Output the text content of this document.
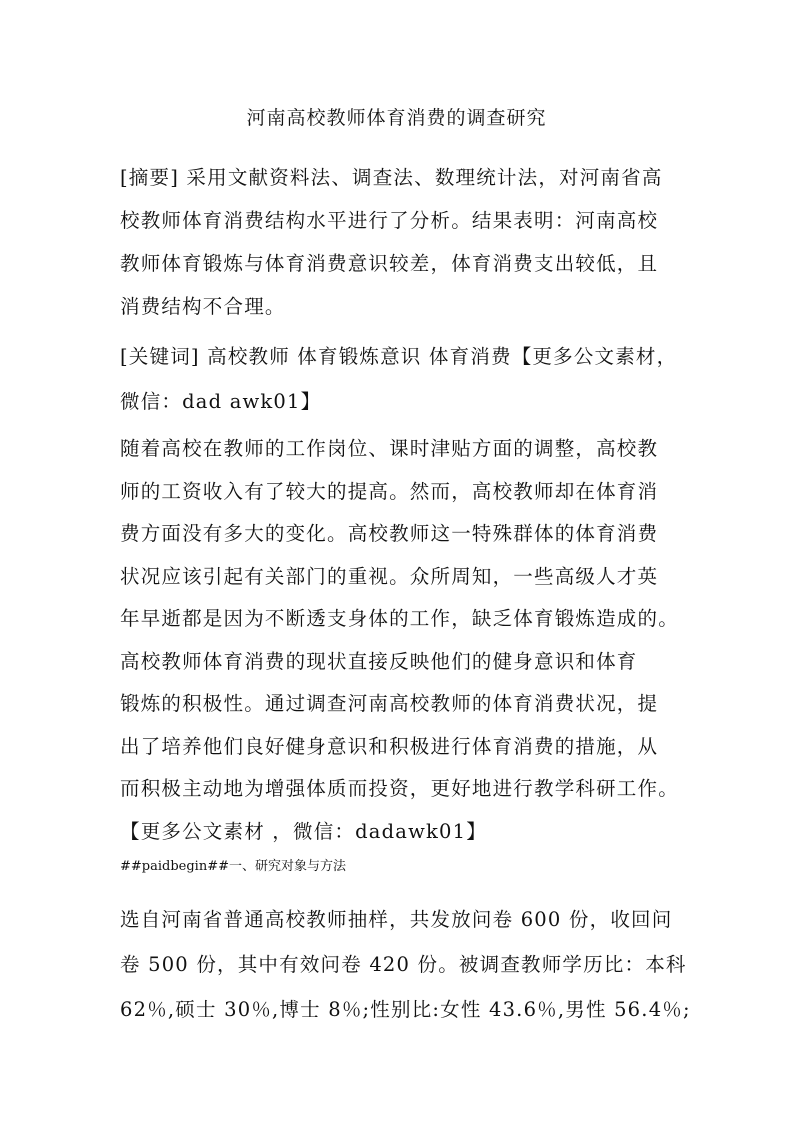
河南高校教师体育消费的调查研究
[摘要] 采用文献资料法、调查法、数理统计法，对河南省高
校教师体育消费结构水平进行了分析。结果表明：河南高校
教师体育锻炼与体育消费意识较差，体育消费支出较低，且
消费结构不合理。
[关键词] 高校教师 体育锻炼意识 体育消费【更多公文素材，
微信：dad awk01】
随着高校在教师的工作岗位、课时津贴方面的调整，高校教
师的工资收入有了较大的提高。然而，高校教师却在体育消
费方面没有多大的变化。高校教师这一特殊群体的体育消费
状况应该引起有关部门的重视。众所周知，一些高级人才英
年早逝都是因为不断透支身体的工作，缺乏体育锻炼造成的。
高校教师体育消费的现状直接反映他们的健身意识和体育
锻炼的积极性。通过调查河南高校教师的体育消费状况，提
出了培养他们良好健身意识和积极进行体育消费的措施，从
而积极主动地为增强体质而投资，更好地进行教学科研工作。
【更多公文素材 ，微信：dadawk01】
##paidbegin##一、研究对象与方法
选自河南省普通高校教师抽样，共发放问卷 600 份，收回问
卷 500 份，其中有效问卷 420 份。被调查教师学历比：本科
62％,硕士 30％,博士 8％;性别比:女性 43.6％,男性 56.4％;
